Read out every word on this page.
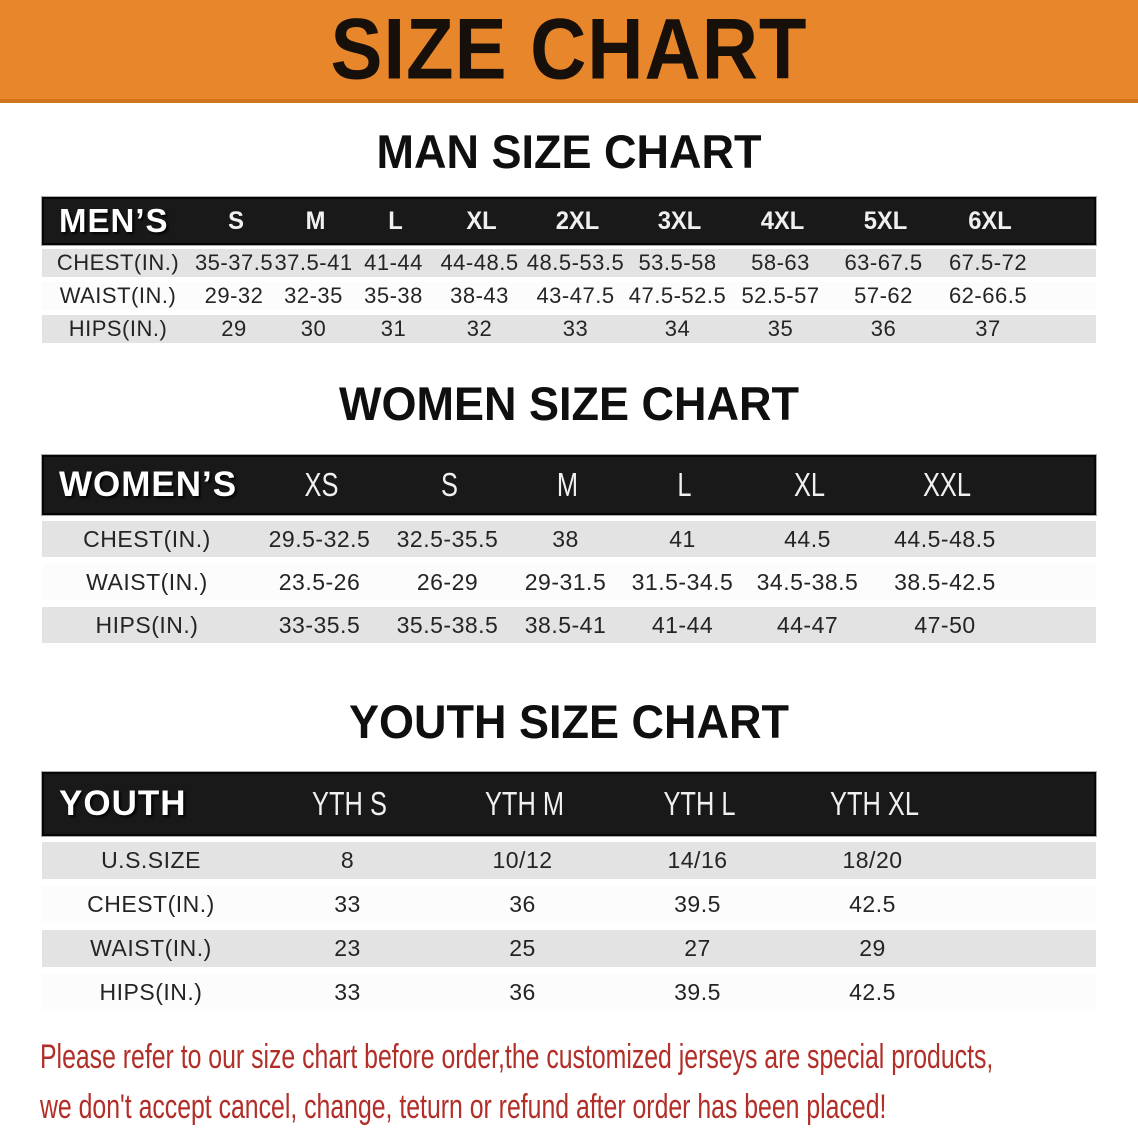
SIZE CHART
MAN SIZE CHART
MEN’S	S	M	L	XL	2XL	3XL	4XL	5XL	6XL
CHEST(IN.) 35-37.5 37.5-41 41-44 44-48.5 48.5-53.5 53.5-58	58-63	63-67.5	67.5-72
WAIST(IN.)	29-32 32-35 35-38	38-43	43-47.5 47.5-52.5 52.5-57	57-62	62-66.5
HIPS(IN.)	29	30	31	32	33	34	35	36	37
WOMEN SIZE CHART
WOMEN’S	XS	S	M	L	XL	XXL
CHEST(IN.)	29.5-32.5	32.5-35.5	38	41	44.5	44.5-48.5
WAIST(IN.)	23.5-26	26-29	29-31.5	31.5-34.5	34.5-38.5	38.5-42.5
HIPS(IN.)	33-35.5	35.5-38.5	38.5-41	41-44	44-47	47-50
YOUTH SIZE CHART
YOUTH	YTH S	YTH M	YTH L	YTH XL
U.S.SIZE	8	10/12	14/16	18/20
CHEST(IN.)	33	36	39.5	42.5
WAIST(IN.)	23	25	27	29
HIPS(IN.)	33	36	39.5	42.5
Please refer to our size chart before order,the customized jerseys are special products,
we don't accept cancel, change, teturn or refund after order has been placed!
